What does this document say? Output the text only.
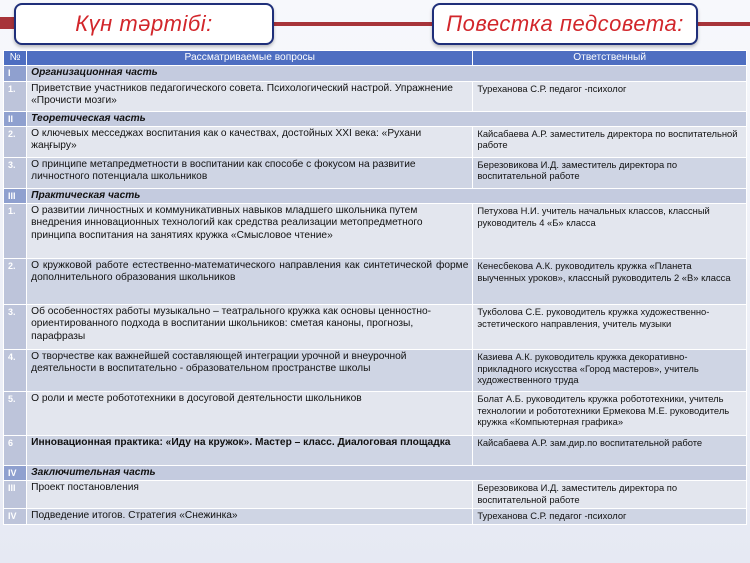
Күн тәртібі:	Повестка педсовета:
№	Рассматриваемые вопросы	Ответственный
I	Организационная часть	
1.	Приветствие участников педагогического совета. Психологический настрой. Упражнение «Прочисти мозги»	Туреханова С.Р. педагог -психолог
II	Теоретическая часть	
2.	О ключевых месседжах воспитания как о качествах, достойных XXI века: «Рухани жаңғыру»	Кайсабаева А.Р. заместитель директора по воспитательной работе
3.	О принципе метапредметности в воспитании как способе с фокусом на развитие личностного потенциала школьников	Березовикова И.Д. заместитель директора по воспитательной работе
III	Практическая часть	
1.	О развитии личностных и коммуникативных навыков младшего школьника путем внедрения инновационных технологий как средства реализации метопредметного принципа воспитания на занятиях кружка «Смысловое чтение»	Петухова Н.И. учитель начальных классов, классный руководитель 4 «Б» класса
2.	О кружковой работе естественно-математического направления как синтетической форме дополнительного образования школьников	Кенесбекова А.К. руководитель кружка «Планета выученных уроков», классный руководитель 2 «В» класса
3.	Об особенностях работы музыкально – театрального кружка как основы ценностно-ориентированного подхода в воспитании школьников: сметая каноны, прогнозы, парафразы	Тукболова С.Е. руководитель кружка художественно-эстетического направления, учитель музыки
4.	О творчестве как важнейшей составляющей интеграции урочной и внеурочной деятельности в воспитательно - образовательном пространстве школы	Казиева А.К. руководитель кружка декоративно-прикладного искусства «Город мастеров», учитель художественного труда
5.	О роли и месте робототехники в досуговой деятельности школьников	Болат А.Б. руководитель кружка робототехники, учитель технологии и робототехники Ермекова М.Е. руководитель кружка «Компьютерная графика»
6	Инновационная практика: «Иду на кружок». Мастер – класс. Диалоговая площадка	Кайсабаева А.Р. зам.дир.по воспитательной работе
IV	Заключительная часть	
III	Проект постановления	Березовикова И.Д. заместитель директора по воспитательной работе
IV	Подведение итогов. Стратегия «Снежинка»	Туреханова С.Р. педагог -психолог
